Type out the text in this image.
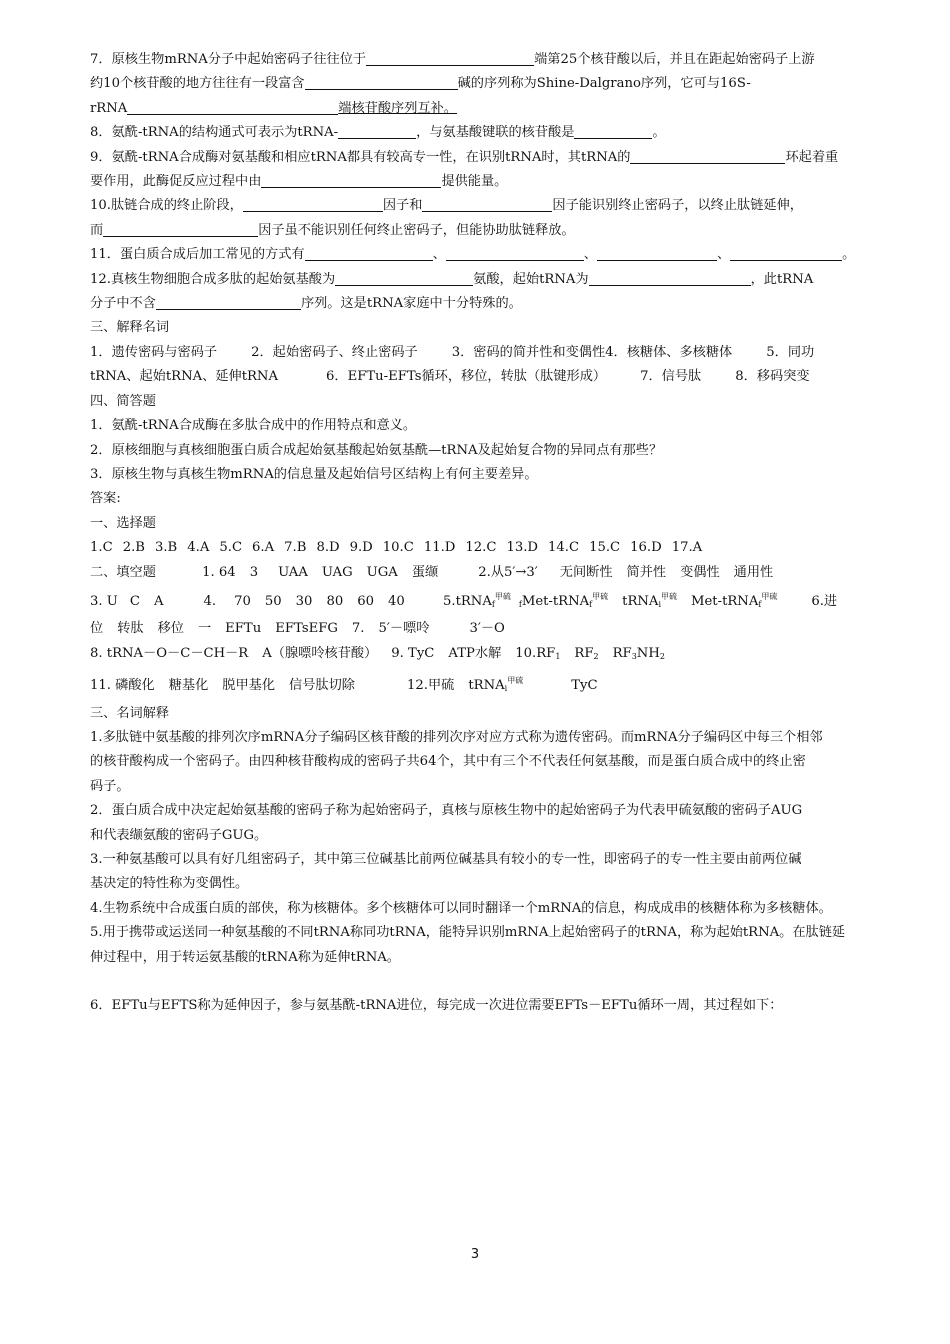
7．原核生物mRNA分子中起始密码子往往位于	端第25个核苷酸以后，并且在距起始密码子上游
约10个核苷酸的地方往往有一段富含	碱的序列称为Shine-Dalgrano序列，它可与16S-
rRNA	端核苷酸序列互补。
8．氨酰-tRNA的结构通式可表示为tRNA-	，与氨基酸键联的核苷酸是	。
9．氨酰-tRNA合成酶对氨基酸和相应tRNA都具有较高专一性，在识别tRNA时，其tRNA的	环起着重
要作用，此酶促反应过程中由	提供能量。
10.肽链合成的终止阶段，	因子和	因子能识别终止密码子，以终止肽链延伸，
而	因子虽不能识别任何终止密码子，但能协助肽链释放。
11．蛋白质合成后加工常见的方式有	、	、	、	。
12.真核生物细胞合成多肽的起始氨基酸为	氨酸，起始tRNA为	，此tRNA
分子中不含	序列。这是tRNA家庭中十分特殊的。
三、解释名词
1．遗传密码与密码子	2．起始密码子、终止密码子	3．密码的简并性和变偶性4．核糖体、多核糖体	5．同功
tRNA、起始tRNA、延伸tRNA	6．EFTu-EFTs循环，移位，转肽（肽键形成）	7．信号肽	8．移码突变
四、简答题
1．氨酰-tRNA合成酶在多肽合成中的作用特点和意义。
2．原核细胞与真核细胞蛋白质合成起始氨基酸起始氨基酰—tRNA及起始复合物的异同点有那些？
3．原核生物与真核生物mRNA的信息量及起始信号区结构上有何主要差异。
答案:
一、选择题
1.C 2.B 3.B 4.A 5.C 6.A 7.B 8.D 9.D 10.C 11.D 12.C 13.D 14.C 15.C 16.D 17.A
二、填空题	1. 64 3 UAA UAG UGA 蛋缬	2.从5′→3′ 无间断性 简并性 变偶性 通用性
3. U C A	4. 70 50 30 80 60 40	5.tRNA$_f^{甲硫}_f$Met-tRNA$_f^{甲硫}$ tRNA$_i^{甲硫}$ Met-tRNA$_f^{甲硫}$	6.进
位 转肽 移位 一 EFTu EFTsEFG 7. 5′－嘌呤	3′－O
8. tRNA－O－C－CH－R A（腺嘌呤核苷酸） 9. TyC ATP水解 $10.RF_1$ $RF_2$ $RF_3NH_2$
11. 磷酸化 糖基化 脱甲基化 信号肽切除	12.甲硫 tRNA$_i^{甲硫}$	TyC
三、名词解释
1.多肽链中氨基酸的排列次序mRNA分子编码区核苷酸的排列次序对应方式称为遗传密码。而mRNA分子编码区中每三个相邻
的核苷酸构成一个密码子。由四种核苷酸构成的密码子共64个，其中有三个不代表任何氨基酸，而是蛋白质合成中的终止密
码子。
2．蛋白质合成中决定起始氨基酸的密码子称为起始密码子，真核与原核生物中的起始密码子为代表甲硫氨酸的密码子AUG
和代表缬氨酸的密码子GUG。
3.一种氨基酸可以具有好几组密码子，其中第三位碱基比前两位碱基具有较小的专一性，即密码子的专一性主要由前两位碱
基决定的特性称为变偶性。
4.生物系统中合成蛋白质的部侠，称为核糖体。多个核糖体可以同时翻译一个mRNA的信息，构成成串的核糖体称为多核糖体。
5.用于携带或运送同一种氨基酸的不同tRNA称同功tRNA，能特异识别mRNA上起始密码子的tRNA，称为起始tRNA。在肽链延
伸过程中，用于转运氨基酸的tRNA称为延伸tRNA。
6．EFTu与EFTS称为延伸因子，参与氨基酰-tRNA进位，每完成一次进位需要EFTs－EFTu循环一周，其过程如下：
3
